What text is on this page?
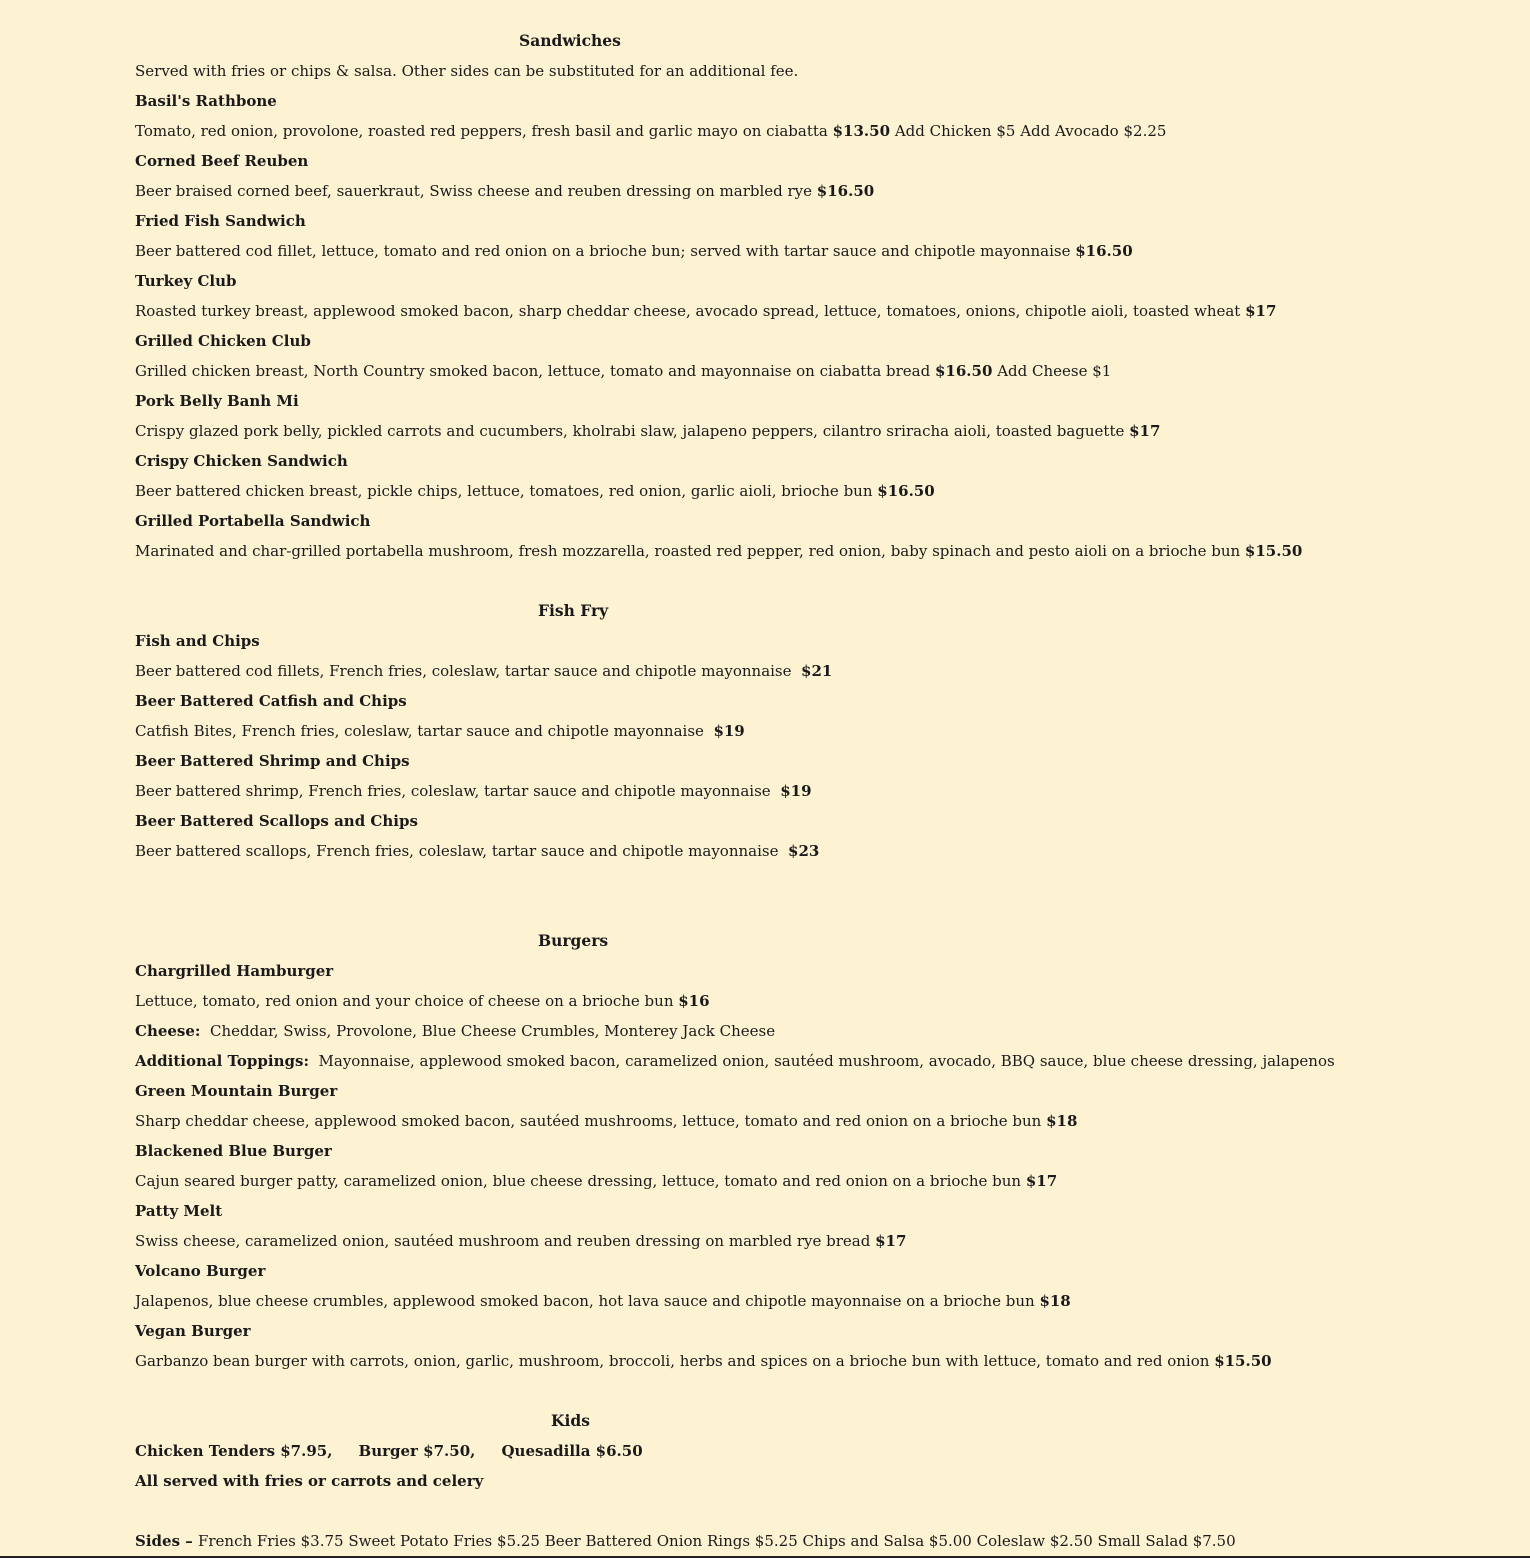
Sandwiches
Served with fries or chips & salsa. Other sides can be substituted for an additional fee.
Basil's Rathbone
Tomato, red onion, provolone, roasted red peppers, fresh basil and garlic mayo on ciabatta $13.50 Add Chicken $5 Add Avocado $2.25
Corned Beef Reuben
Beer braised corned beef, sauerkraut, Swiss cheese and reuben dressing on marbled rye $16.50
Fried Fish Sandwich
Beer battered cod fillet, lettuce, tomato and red onion on a brioche bun; served with tartar sauce and chipotle mayonnaise $16.50
Turkey Club
Roasted turkey breast, applewood smoked bacon, sharp cheddar cheese, avocado spread, lettuce, tomatoes, onions, chipotle aioli, toasted wheat $17
Grilled Chicken Club
Grilled chicken breast, North Country smoked bacon, lettuce, tomato and mayonnaise on ciabatta bread $16.50 Add Cheese $1
Pork Belly Banh Mi
Crispy glazed pork belly, pickled carrots and cucumbers, kholrabi slaw, jalapeno peppers, cilantro sriracha aioli, toasted baguette $17
Crispy Chicken Sandwich
Beer battered chicken breast, pickle chips, lettuce, tomatoes, red onion, garlic aioli, brioche bun $16.50
Grilled Portabella Sandwich
Marinated and char-grilled portabella mushroom, fresh mozzarella, roasted red pepper, red onion, baby spinach and pesto aioli on a brioche bun $15.50
Fish Fry
Fish and Chips
Beer battered cod fillets, French fries, coleslaw, tartar sauce and chipotle mayonnaise  $21
Beer Battered Catfish and Chips
Catfish Bites, French fries, coleslaw, tartar sauce and chipotle mayonnaise  $19
Beer Battered Shrimp and Chips
Beer battered shrimp, French fries, coleslaw, tartar sauce and chipotle mayonnaise  $19
Beer Battered Scallops and Chips
Beer battered scallops, French fries, coleslaw, tartar sauce and chipotle mayonnaise  $23
Burgers
Chargrilled Hamburger
Lettuce, tomato, red onion and your choice of cheese on a brioche bun $16
Cheese:  Cheddar, Swiss, Provolone, Blue Cheese Crumbles, Monterey Jack Cheese
Additional Toppings:  Mayonnaise, applewood smoked bacon, caramelized onion, sautéed mushroom, avocado, BBQ sauce, blue cheese dressing, jalapenos
Green Mountain Burger
Sharp cheddar cheese, applewood smoked bacon, sautéed mushrooms, lettuce, tomato and red onion on a brioche bun $18
Blackened Blue Burger
Cajun seared burger patty, caramelized onion, blue cheese dressing, lettuce, tomato and red onion on a brioche bun $17
Patty Melt
Swiss cheese, caramelized onion, sautéed mushroom and reuben dressing on marbled rye bread $17
Volcano Burger
Jalapenos, blue cheese crumbles, applewood smoked bacon, hot lava sauce and chipotle mayonnaise on a brioche bun $18
Vegan Burger
Garbanzo bean burger with carrots, onion, garlic, mushroom, broccoli, herbs and spices on a brioche bun with lettuce, tomato and red onion $15.50
Kids
Chicken Tenders $7.95,     Burger $7.50,     Quesadilla $6.50
All served with fries or carrots and celery
Sides – French Fries $3.75 Sweet Potato Fries $5.25 Beer Battered Onion Rings $5.25 Chips and Salsa $5.00 Coleslaw $2.50 Small Salad $7.50
